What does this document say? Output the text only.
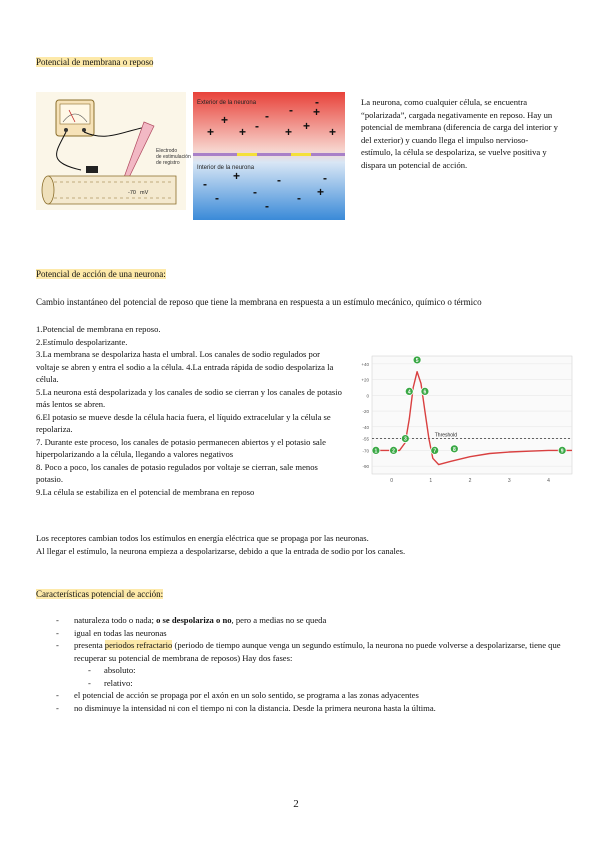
Potencial de membrana o reposo
-70 mV
Electrodo
de estimulación
de registro
-
+
+
+
-
+ + +
- +
-
-
-
+
-
-
- +
-
-
Exterior de la neurona
Interior de la neurona
La neurona, como cualquier célula, se encuentra “polarizada”, cargada negativamente en reposo. Hay un potencial de membrana (diferencia de carga del interior y del exterior) y cuando llega el impulso nervioso- estímulo, la célula se despolariza, se vuelve positiva y dispara un potencial de acción.
Potencial de acción de una neurona:
Cambio instantáneo del potencial de reposo que tiene la membrana en respuesta a un estímulo mecánico, químico o térmico
1.Potencial de membrana en reposo.
2.Estímulo despolarizante.
3.La membrana se despolariza hasta el umbral. Los canales de sodio regulados por voltaje se abren y entra el sodio a la célula. 4.La entrada rápida de sodio despolariza la célula.
5.La neurona está despolarizada y los canales de sodio se cierran y los canales de potasio más lentos se abren.
6.El potasio se mueve desde la célula hacia fuera, el líquido extracelular y la célula se repolariza.
7. Durante este proceso, los canales de potasio permanecen abiertos y el potasio sale hiperpolarizando a la célula, llegando a valores negativos
8. Poco a poco, los canales de potasio regulados por voltaje se cierran, sale menos potasio.
9.La célula se estabiliza en el potencial de membrana en reposo
+40
+20
0
-20
-40
-55
-70
-90
0	1	2	3	4
Threshold
1	2
3
4
5
6
7	8	9
Los receptores cambian todos los estímulos en energía eléctrica que se propaga por las neuronas.
Al llegar el estímulo, la neurona empieza a despolarizarse, debido a que la entrada de sodio por los canales.
Características potencial de acción:
- naturaleza todo o nada; o se despolariza o no, pero a medias no se queda
- igual en todas las neuronas
- presenta periodos refractario (periodo de tiempo aunque venga un segundo estímulo, la neurona no puede volverse a despolarizarse, tiene que recuperar su potencial de membrana de reposos) Hay dos fases:
- absoluto:
- relativo:
- el potencial de acción se propaga por el axón en un solo sentido, se programa a las zonas adyacentes
- no disminuye la intensidad ni con el tiempo ni con la distancia. Desde la primera neurona hasta la última.
2
